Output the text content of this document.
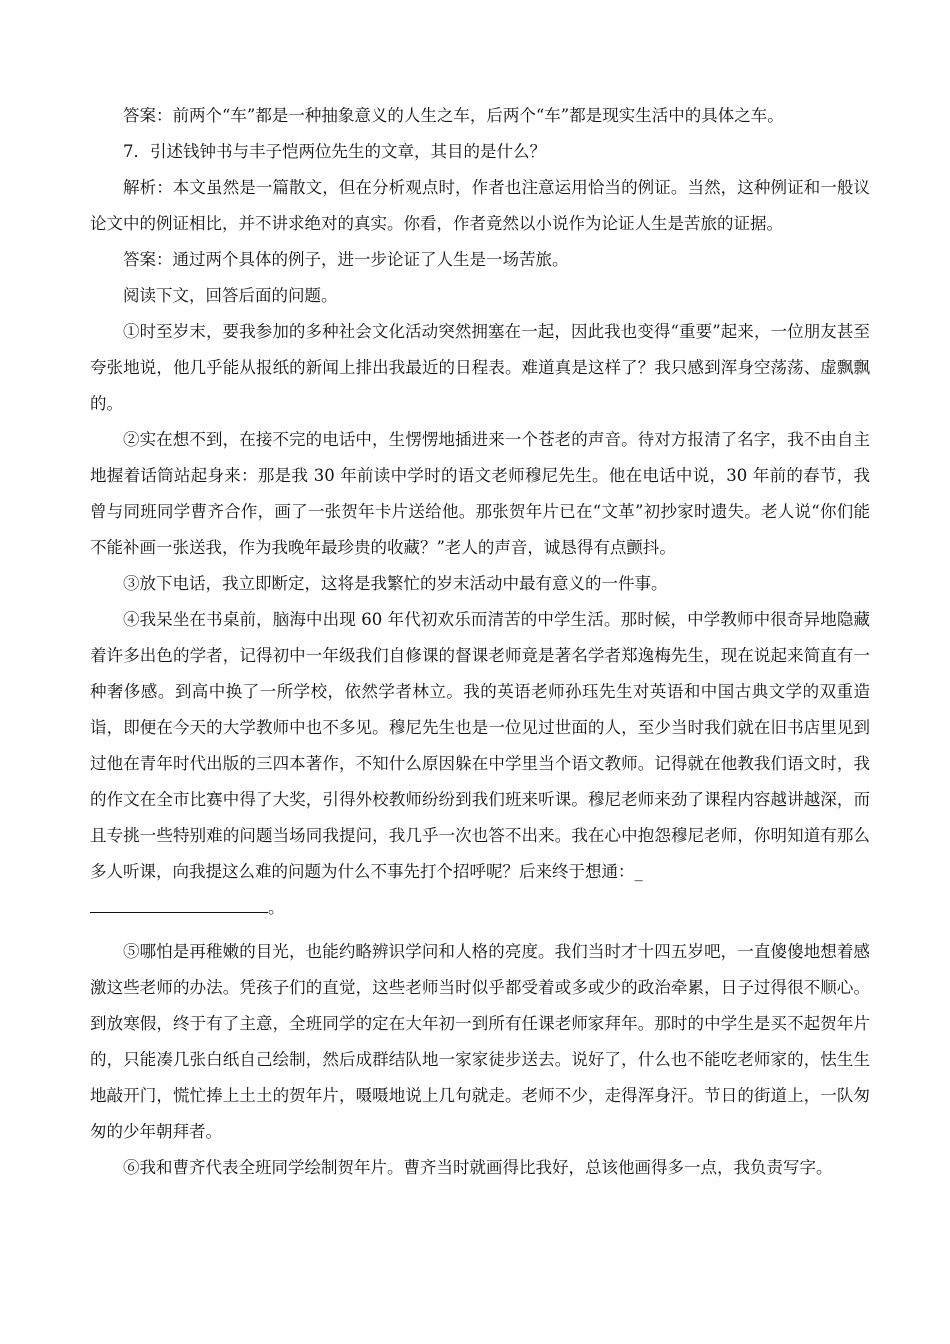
答案：前两个“车”都是一种抽象意义的人生之车，后两个“车”都是现实生活中的具体之车。

7．引述钱钟书与丰子恺两位先生的文章，其目的是什么？

解析：本文虽然是一篇散文，但在分析观点时，作者也注意运用恰当的例证。当然，这种例证和一般议论文中的例证相比，并不讲求绝对的真实。你看，作者竟然以小说作为论证人生是苦旅的证据。

答案：通过两个具体的例子，进一步论证了人生是一场苦旅。

阅读下文，回答后面的问题。

①时至岁末，要我参加的多种社会文化活动突然拥塞在一起，因此我也变得“重要”起来，一位朋友甚至夸张地说，他几乎能从报纸的新闻上排出我最近的日程表。难道真是这样了？我只感到浑身空荡荡、虚飘飘的。

②实在想不到，在接不完的电话中，生愣愣地插进来一个苍老的声音。待对方报清了名字，我不由自主地握着话筒站起身来：那是我 30 年前读中学时的语文老师穆尼先生。他在电话中说，30 年前的春节，我曾与同班同学曹齐合作，画了一张贺年卡片送给他。那张贺年片已在“文革”初抄家时遗失。老人说“你们能不能补画一张送我，作为我晚年最珍贵的收藏？”老人的声音，诚恳得有点颤抖。

③放下电话，我立即断定，这将是我繁忙的岁末活动中最有意义的一件事。

④我呆坐在书桌前，脑海中出现 60 年代初欢乐而清苦的中学生活。那时候，中学教师中很奇异地隐藏着许多出色的学者，记得初中一年级我们自修课的督课老师竟是著名学者郑逸梅先生，现在说起来简直有一种奢侈感。到高中换了一所学校，依然学者林立。我的英语老师孙珏先生对英语和中国古典文学的双重造诣，即便在今天的大学教师中也不多见。穆尼先生也是一位见过世面的人，至少当时我们就在旧书店里见到过他在青年时代出版的三四本著作，不知什么原因躲在中学里当个语文教师。记得就在他教我们语文时，我的作文在全市比赛中得了大奖，引得外校教师纷纷到我们班来听课。穆尼老师来劲了课程内容越讲越深，而且专挑一些特别难的问题当场同我提问，我几乎一次也答不出来。我在心中抱怨穆尼老师，你明知道有那么多人听课，向我提这么难的问题为什么不事先打个招呼呢？后来终于想通：_

。

⑤哪怕是再稚嫩的目光，也能约略辨识学问和人格的亮度。我们当时才十四五岁吧，一直傻傻地想着感激这些老师的办法。凭孩子们的直觉，这些老师当时似乎都受着或多或少的政治牵累，日子过得很不顺心。到放寒假，终于有了主意，全班同学的定在大年初一到所有任课老师家拜年。那时的中学生是买不起贺年片的，只能凑几张白纸自己绘制，然后成群结队地一家家徒步送去。说好了，什么也不能吃老师家的，怯生生地敲开门，慌忙捧上土土的贺年片，嗫嗫地说上几句就走。老师不少，走得浑身汗。节日的街道上，一队匆匆的少年朝拜者。

⑥我和曹齐代表全班同学绘制贺年片。曹齐当时就画得比我好，总该他画得多一点，我负责写字。
